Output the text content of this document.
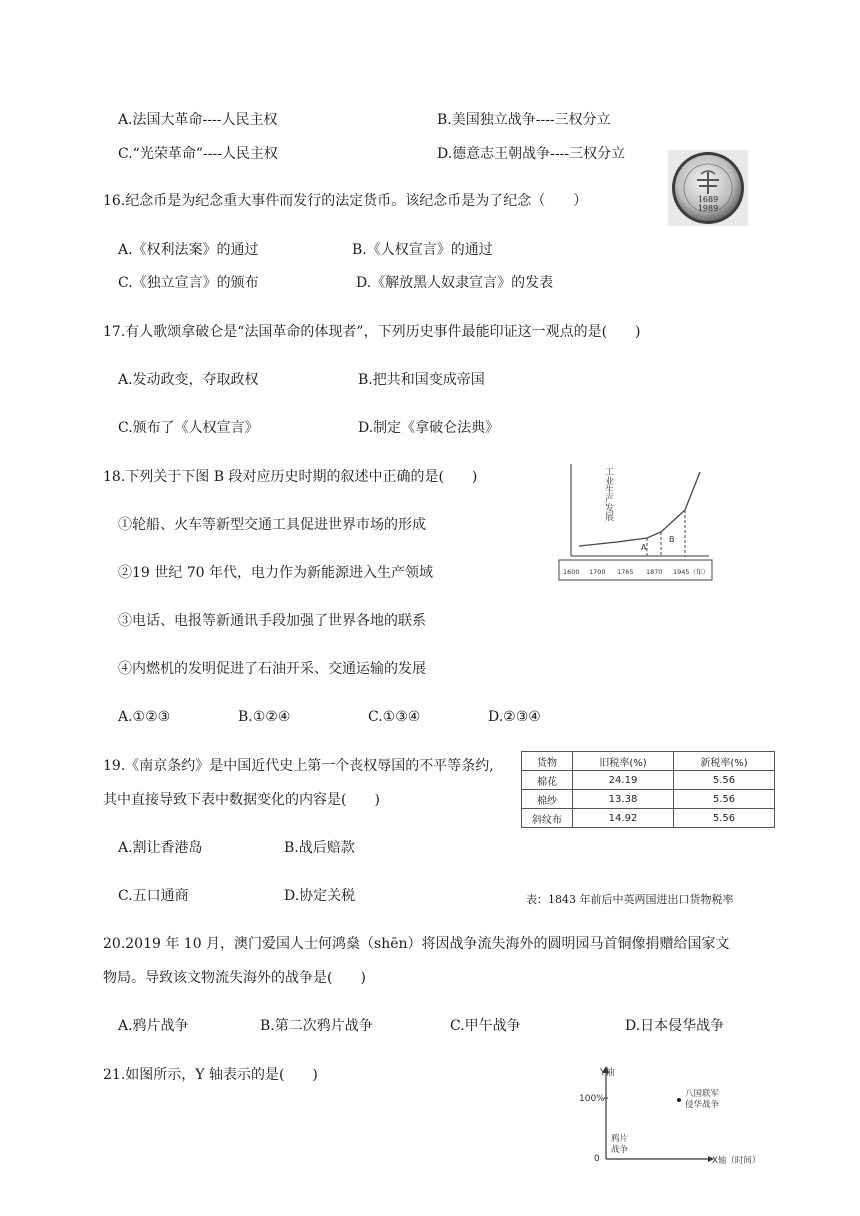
A.法国大革命----人民主权	B.美国独立战争----三权分立
C.“光荣革命”----人民主权	D.德意志王朝战争----三权分立
1689
1989
16.纪念币是为纪念重大事件而发行的法定货币。该纪念币是为了纪念（　　）
A.《权利法案》的通过	B.《人权宣言》的通过
C.《独立宣言》的颁布	D.《解放黑人奴隶宣言》的发表
17.有人歌颂拿破仑是“法国革命的体现者”，下列历史事件最能印证这一观点的是(　　)
A.发动政变，夺取政权	B.把共和国变成帝国
C.颁布了《人权宣言》	D.制定《拿破仑法典》
18.下列关于下图 B 段对应历史时期的叙述中正确的是(　　)
①轮船、火车等新型交通工具促进世界市场的形成
②19 世纪 70 年代，电力作为新能源进入生产领域
③电话、电报等新通讯手段加强了世界各地的联系
④内燃机的发明促进了石油开采、交通运输的发展
A.①②③	B.①②④	C.①③④	D.②③④
工业生产发展
A
B
1600 1700 1765 1870 1945（年）
19.《南京条约》是中国近代史上第一个丧权辱国的不平等条约,
其中直接导致下表中数据变化的内容是(　　)
A.割让香港岛	B.战后赔款
C.五口通商	D.协定关税	表：1843 年前后中英两国进出口货物税率
货物	旧税率(%)	新税率(%)
棉花	24.19	5.56
棉纱	13.38	5.56
斜纹布	14.92	5.56
20.2019 年 10 月，澳门爱国人士何鸿燊（shēn）将因战争流失海外的圆明园马首铜像捐赠给国家文
物局。导致该文物流失海外的战争是(　　)
A.鸦片战争	B.第二次鸦片战争	C.甲午战争	D.日本侵华战争
21.如图所示，Y 轴表示的是(　　)	Y轴
100%
0
八国联军
侵华战争
鸦片
战争
X轴（时间）
